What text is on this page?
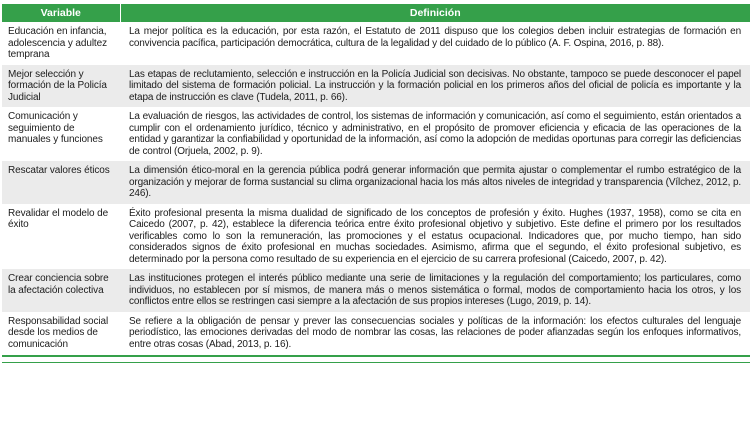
Variable	Definición
Educación en infancia, adolescencia y adultez temprana	La mejor política es la educación, por esta razón, el Estatuto de 2011 dispuso que los colegios deben incluir estrategias de formación en convivencia pacífica, participación democrática, cultura de la legalidad y del cuidado de lo público (A. F. Ospina, 2016, p. 88).
Mejor selección y formación de la Policía Judicial	Las etapas de reclutamiento, selección e instrucción en la Policía Judicial son decisivas. No obstante, tampoco se puede desconocer el papel limitado del sistema de formación policial. La instrucción y la formación policial en los primeros años del oficial de policía es importante y la etapa de instrucción es clave (Tudela, 2011, p. 66).
Comunicación y seguimiento de manuales y funciones	La evaluación de riesgos, las actividades de control, los sistemas de información y comunicación, así como el seguimiento, están orientados a cumplir con el ordenamiento jurídico, técnico y administrativo, en el propósito de promover eficiencia y eficacia de las operaciones de la entidad y garantizar la confiabilidad y oportunidad de la información, así como la adopción de medidas oportunas para corregir las deficiencias de control (Orjuela, 2002, p. 9).
Rescatar valores éticos	La dimensión ético-moral en la gerencia pública podrá generar información que permita ajustar o complementar el rumbo estratégico de la organización y mejorar de forma sustancial su clima organizacional hacia los más altos niveles de integridad y transparencia (Vílchez, 2012, p. 246).
Revalidar el modelo de éxito	Éxito profesional presenta la misma dualidad de significado de los conceptos de profesión y éxito. Hughes (1937, 1958), como se cita en Caicedo (2007, p. 42), establece la diferencia teórica entre éxito profesional objetivo y subjetivo. Este define el primero por los resultados verificables como lo son la remuneración, las promociones y el estatus ocupacional. Indicadores que, por mucho tiempo, han sido considerados signos de éxito profesional en muchas sociedades. Asimismo, afirma que el segundo, el éxito profesional subjetivo, es determinado por la persona como resultado de su experiencia en el ejercicio de su carrera profesional (Caicedo, 2007, p. 42).
Crear conciencia sobre la afectación colectiva	Las instituciones protegen el interés público mediante una serie de limitaciones y la regulación del comportamiento; los particulares, como individuos, no establecen por sí mismos, de manera más o menos sistemática o formal, modos de comportamiento hacia los otros, y los conflictos entre ellos se restringen casi siempre a la afectación de sus propios intereses (Lugo, 2019, p. 14).
Responsabilidad social desde los medios de comunicación	Se refiere a la obligación de pensar y prever las consecuencias sociales y políticas de la información: los efectos culturales del lenguaje periodístico, las emociones derivadas del modo de nombrar las cosas, las relaciones de poder afianzadas según los enfoques informativos, entre otras cosas (Abad, 2013, p. 16).
